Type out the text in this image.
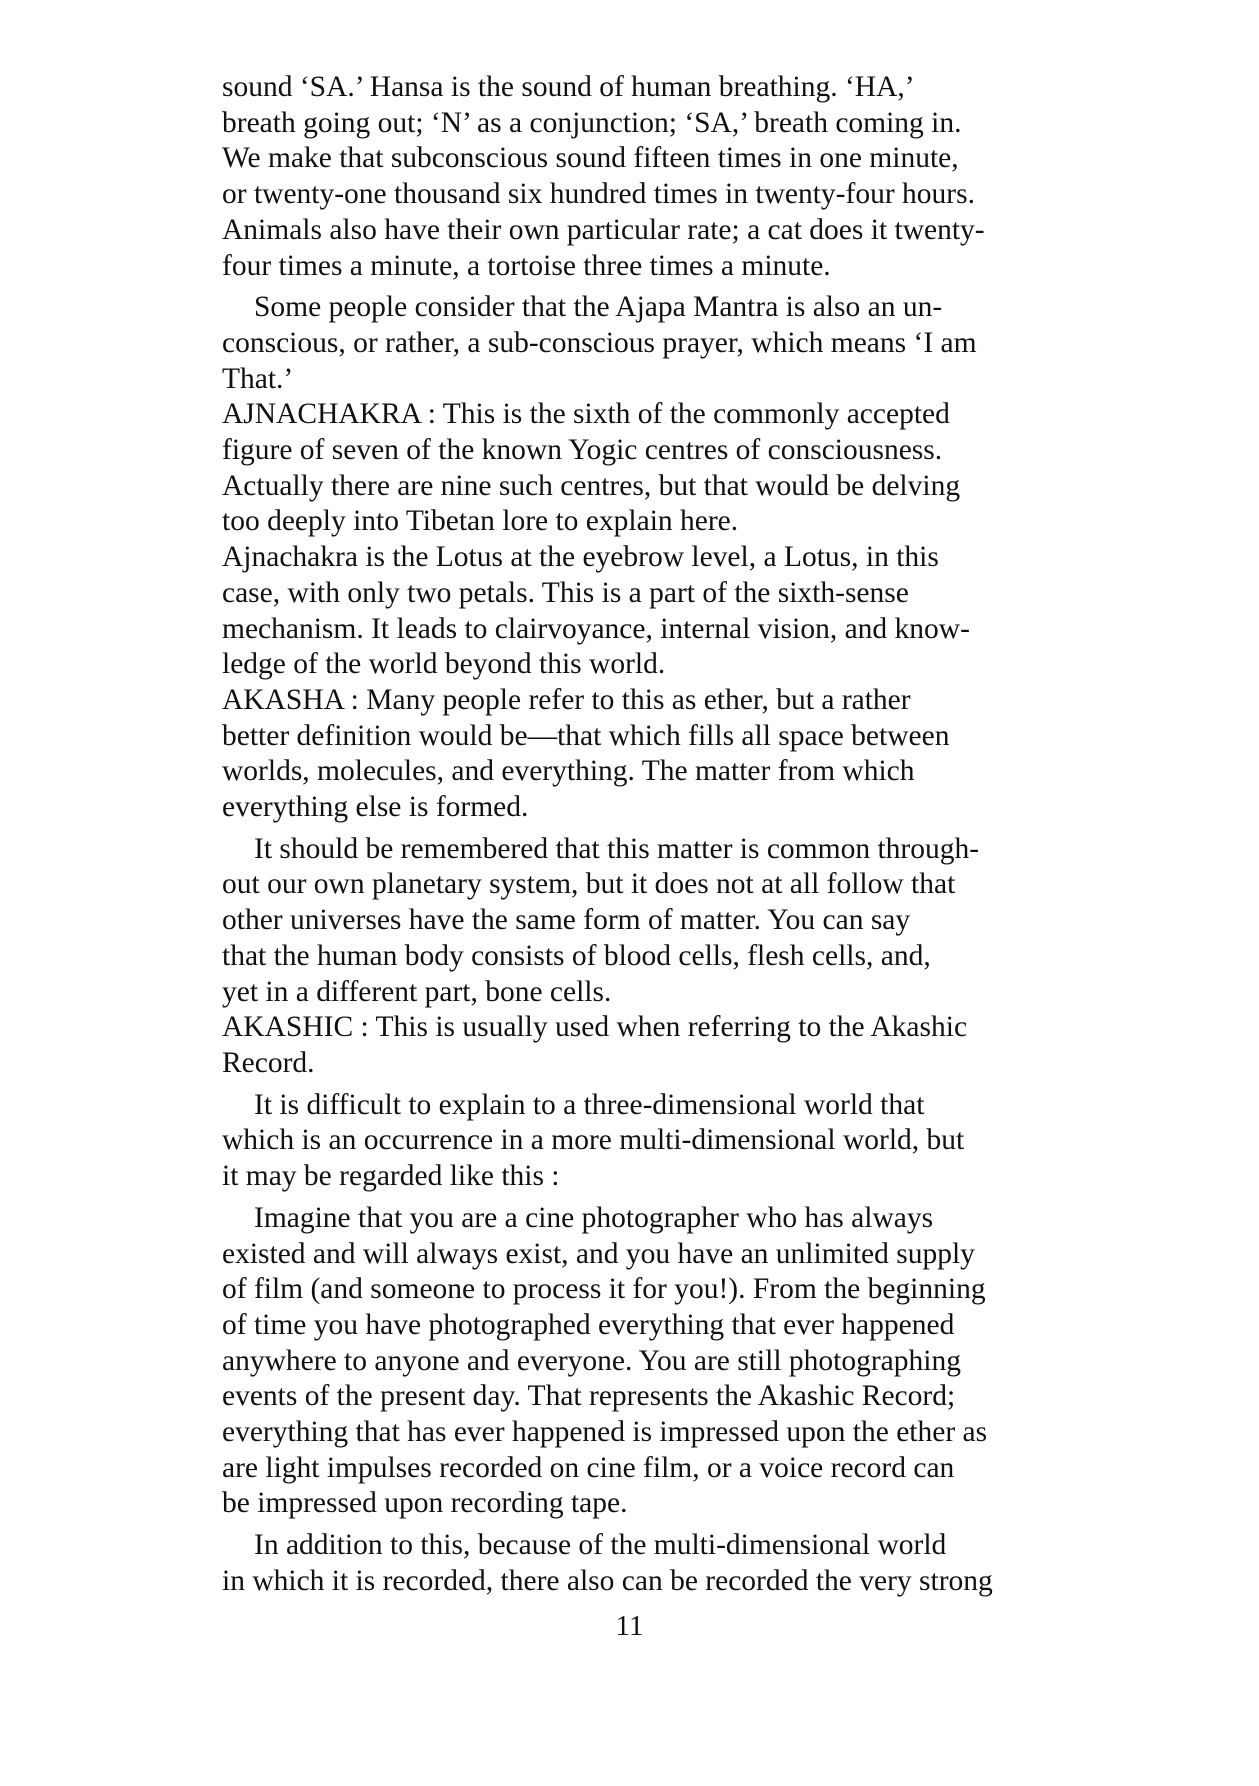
sound ‘SA.’ Hansa is the sound of human breathing. ‘HA,’
breath going out; ‘N’ as a conjunction; ‘SA,’ breath coming in.
We make that subconscious sound fifteen times in one minute,
or twenty-one thousand six hundred times in twenty-four hours.
Animals also have their own particular rate; a cat does it twenty-
four times a minute, a tortoise three times a minute.

Some people consider that the Ajapa Mantra is also an un-
conscious, or rather, a sub-conscious prayer, which means ‘I am
That.’

AJNACHAKRA : This is the sixth of the commonly accepted
figure of seven of the known Yogic centres of consciousness.
Actually there are nine such centres, but that would be delving
too deeply into Tibetan lore to explain here.

Ajnachakra is the Lotus at the eyebrow level, a Lotus, in this
case, with only two petals. This is a part of the sixth-sense
mechanism. It leads to clairvoyance, internal vision, and know-
ledge of the world beyond this world.

AKASHA : Many people refer to this as ether, but a rather
better definition would be—that which fills all space between
worlds, molecules, and everything. The matter from which
everything else is formed.

It should be remembered that this matter is common through-
out our own planetary system, but it does not at all follow that
other universes have the same form of matter. You can say
that the human body consists of blood cells, flesh cells, and,
yet in a different part, bone cells.

AKASHIC : This is usually used when referring to the Akashic
Record.

It is difficult to explain to a three-dimensional world that
which is an occurrence in a more multi-dimensional world, but
it may be regarded like this :

Imagine that you are a cine photographer who has always
existed and will always exist, and you have an unlimited supply
of film (and someone to process it for you!). From the beginning
of time you have photographed everything that ever happened
anywhere to anyone and everyone. You are still photographing
events of the present day. That represents the Akashic Record;
everything that has ever happened is impressed upon the ether as
are light impulses recorded on cine film, or a voice record can
be impressed upon recording tape.

In addition to this, because of the multi-dimensional world
in which it is recorded, there also can be recorded the very strong

11
